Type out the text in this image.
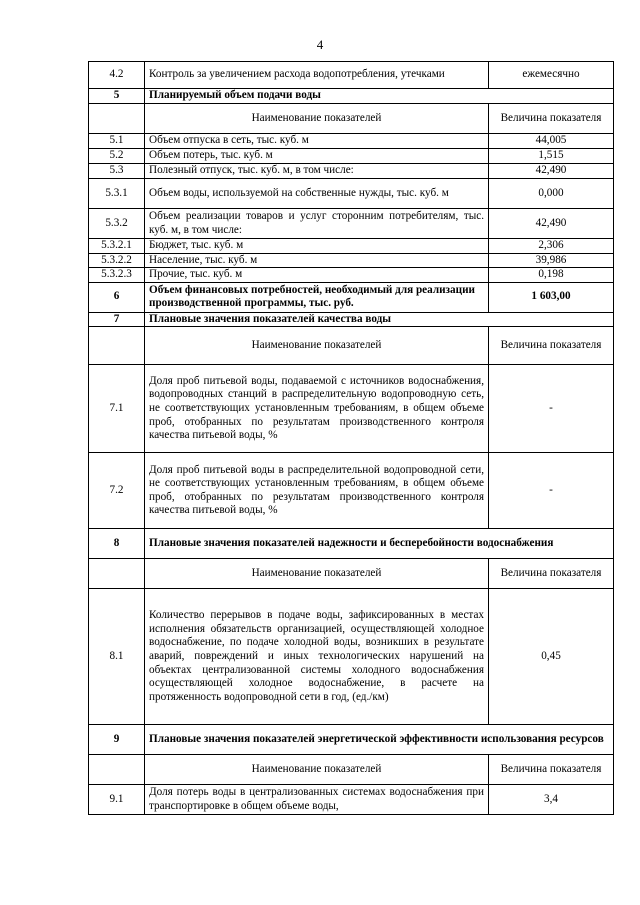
4
4.2	Контроль за увеличением расхода водопотребления, утечками	ежемесячно
5	Планируемый объем подачи воды	
	Наименование показателей	Величина показателя
5.1	Объем отпуска в сеть, тыс. куб. м	44,005
5.2	Объем потерь, тыс. куб. м	1,515
5.3	Полезный отпуск, тыс. куб. м, в том числе:	42,490
5.3.1	Объем воды, используемой на собственные нужды, тыс. куб. м	0,000
5.3.2	Объем реализации товаров и услуг сторонним потребителям, тыс. куб. м, в том числе:	42,490
5.3.2.1	Бюджет, тыс. куб. м	2,306
5.3.2.2	Население, тыс. куб. м	39,986
5.3.2.3	Прочие, тыс. куб. м	0,198
6	Объем финансовых потребностей, необходимый для реализации производственной программы, тыс. руб.	1 603,00
7	Плановые значения показателей качества воды	
	Наименование показателей	Величина показателя
7.1	Доля проб питьевой воды, подаваемой с источников водоснабжения, водопроводных станций в распределительную водопроводную сеть, не соответствующих установленным требованиям, в общем объеме проб, отобранных по результатам производственного контроля качества питьевой воды, %	-
7.2	Доля проб питьевой воды в распределительной водопроводной сети, не соответствующих установленным требованиям, в общем объеме проб, отобранных по результатам производственного контроля качества питьевой воды, %	-
8	Плановые значения показателей надежности и бесперебойности водоснабжения	
	Наименование показателей	Величина показателя
8.1	Количество перерывов в подаче воды, зафиксированных в местах исполнения обязательств организацией, осуществляющей холодное водоснабжение, по подаче холодной воды, возникших в результате аварий, повреждений и иных технологических нарушений на объектах централизованной системы холодного водоснабжения осуществляющей холодное водоснабжение, в расчете на протяженность водопроводной сети в год, (ед./км)	0,45
9	Плановые значения показателей энергетической эффективности использования ресурсов	
	Наименование показателей	Величина показателя
9.1	Доля потерь воды в централизованных системах водоснабжения при транспортировке в общем объеме воды,	3,4
